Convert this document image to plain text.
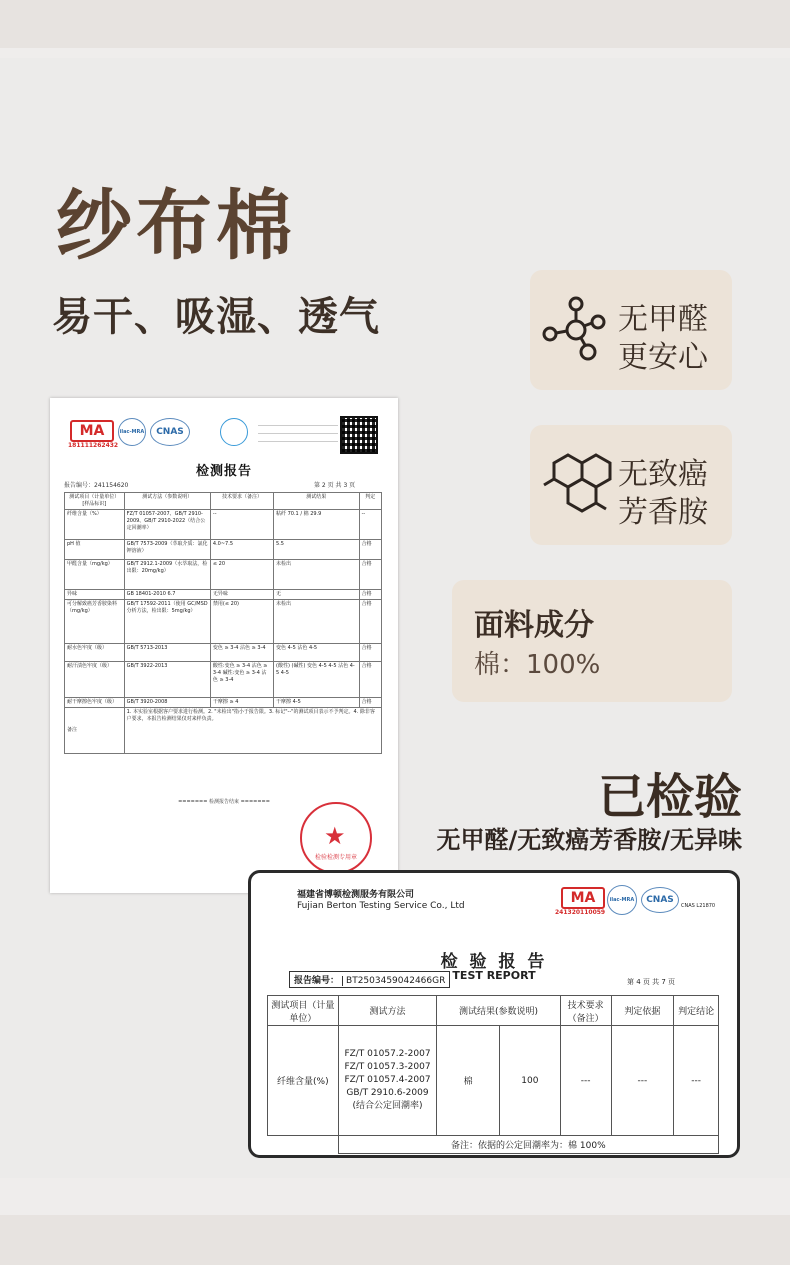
纱布棉
易干、吸湿、透气	无甲醛
更安心
无致癌
芳香胺
面料成分
棉：100%
已检验
无甲醛/无致癌芳香胺/无异味
MA
181111262432
ilac-MRA	CNAS
检测报告
报告编号：241154620	第 2 页 共 3 页
测试项目（计量单位）[样品标识]	测试方法（参数说明）	技术要求（备注）	测试结果	判定
纤维含量（%）	FZ/T 01057-2007、GB/T 2910-2009、GB/T 2910-2022（结合公定回潮率）	--	粘纤 70.1 / 棉 29.9	--
pH 值	GB/T 7573-2009（萃取介质：氯化钾溶液）	4.0~7.5	5.5	合格
甲醛含量（mg/kg）	GB/T 2912.1-2009（水萃取法，检出限：20mg/kg）	≤ 20	未检出	合格
异味	GB 18401-2010 6.7	无异味	无	合格
可分解致癌芳香胺染料（mg/kg）	GB/T 17592-2011（使用 GC/MSD 分析方法，检出限：5mg/kg）	禁用(≤ 20)	未检出	合格
耐水色牢度（级）	GB/T 5713-2013	变色 ≥ 3-4 沾色 ≥ 3-4	变色 4-5 沾色 4-5	合格
耐汗渍色牢度（级）	GB/T 3922-2013	酸性:变色 ≥ 3-4 沾色 ≥ 3-4 碱性:变色 ≥ 3-4 沾色 ≥ 3-4	(酸性) (碱性) 变色 4-5 4-5 沾色 4-5 4-5	合格
耐干摩擦色牢度（级）	GB/T 3920-2008	干摩擦 ≥ 4	干摩擦 4-5	合格
备注	1. 本实验室根据客户要求进行检测。2. "未检出"指小于报告限。3. 标记"--"的测试项目表示不予判定。4. 除非客户要求，本报告检测结果仅对来样负责。			
======= 检测报告结束 =======
★
检验检测专用章
福建省博顿检测服务有限公司
Fujian Berton Testing Service Co., Ltd	MA
241320110059
ilac-MRA	CNAS
CNAS L21870
检 验 报 告
TEST REPORT
报告编号： BT2503459042466GR	第 4 页 共 7 页
测试项目（计量单位）	测试方法	测试结果(参数说明)		技术要求（备注）	判定依据	判定结论
纤维含量(%)	FZ/T 01057.2-2007
FZ/T 01057.3-2007
FZ/T 01057.4-2007
GB/T 2910.6-2009
(结合公定回潮率)	棉	100	---	---	---
	备注：依据的公定回潮率为：棉 100%					
